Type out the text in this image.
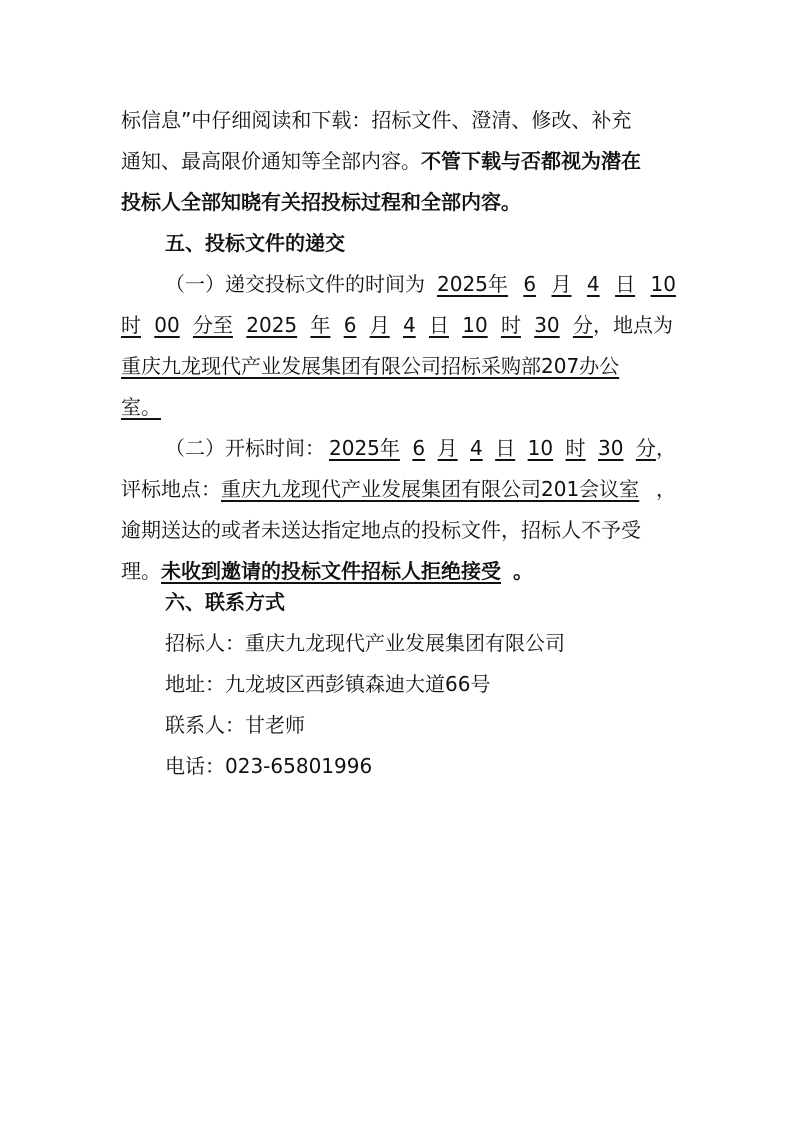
标信息”中仔细阅读和下载：招标文件、澄清、修改、补充
通知、最高限价通知等全部内容。不管下载与否都视为潜在
投标人全部知晓有关招投标过程和全部内容。
五、投标文件的递交
（一）递交投标文件的时间为 2025年 6 月 4 日 10
时 00 分至 2025 年 6 月 4 日 10 时 30 分 ，地点为
重庆九龙现代产业发展集团有限公司招标采购部207办公
室。
（二）开标时间： 2025年 6 月 4 日 10 时 30 分 ，
评标地点： 重庆九龙现代产业发展集团有限公司201会议室 ，
逾期送达的或者未送达指定地点的投标文件，招标人不予受
理。未收到邀请的投标文件招标人拒绝接受 。
六、联系方式
招标人：重庆九龙现代产业发展集团有限公司
地址：九龙坡区西彭镇森迪大道66号
联系人：甘老师
电话：023-65801996
